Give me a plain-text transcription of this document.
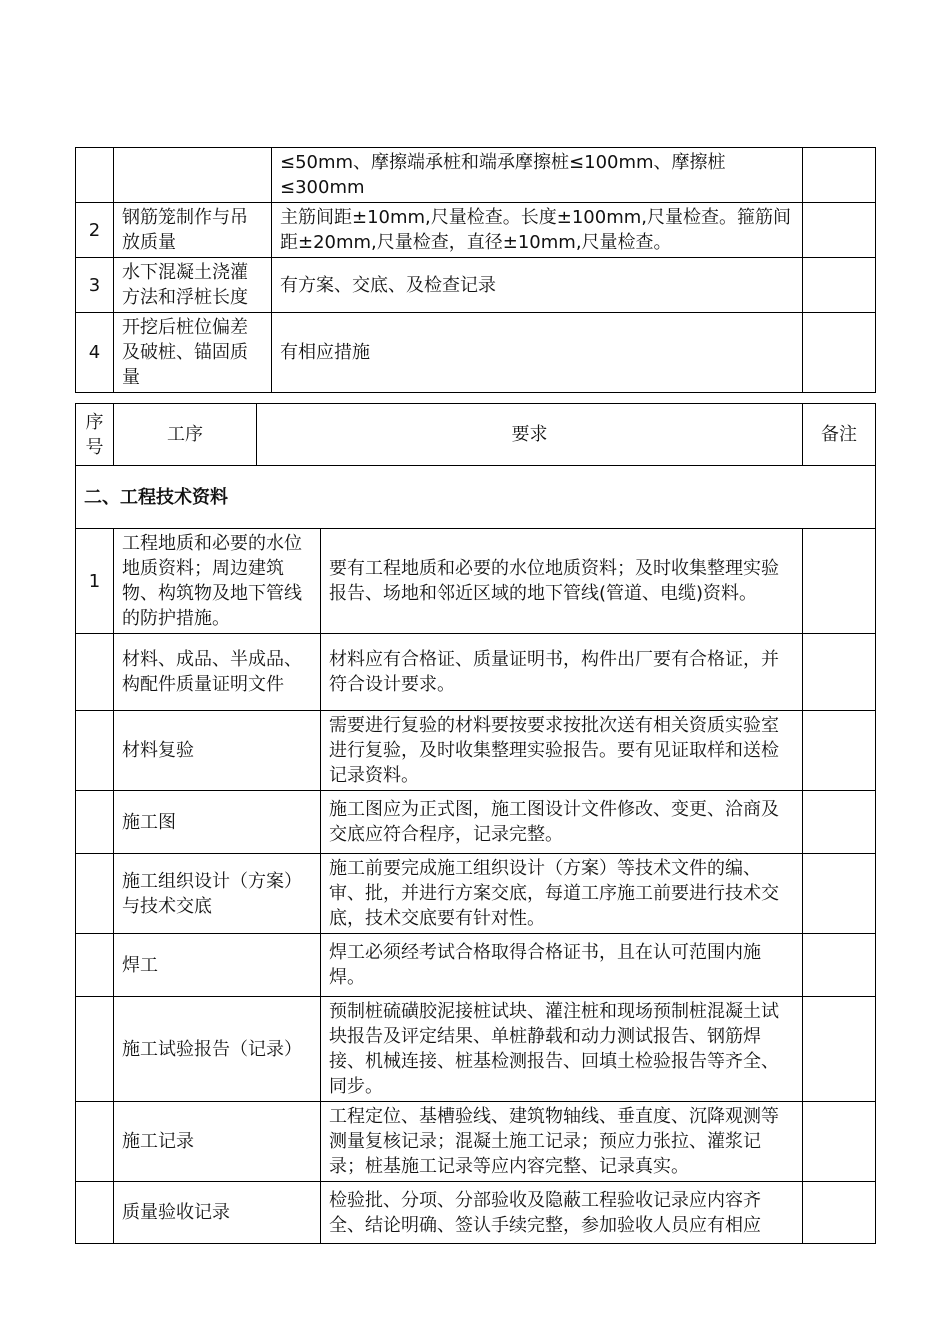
		≤50mm、摩擦端承桩和端承摩擦桩≤100mm、摩擦桩≤300mm	
2	钢筋笼制作与吊放质量	主筋间距±10mm,尺量检查。长度±100mm,尺量检查。箍筋间距±20mm,尺量检查，直径±10mm,尺量检查。	
3	水下混凝土浇灌方法和浮桩长度	有方案、交底、及检查记录	
4	开挖后桩位偏差及破桩、锚固质量	有相应措施	
序号	工序	要求	备注
二、工程技术资料
1	工程地质和必要的水位地质资料；周边建筑物、构筑物及地下管线的防护措施。	要有工程地质和必要的水位地质资料；及时收集整理实验报告、场地和邻近区域的地下管线(管道、电缆)资料。	
	材料、成品、半成品、构配件质量证明文件	材料应有合格证、质量证明书，构件出厂要有合格证，并符合设计要求。	
	材料复验	需要进行复验的材料要按要求按批次送有相关资质实验室进行复验，及时收集整理实验报告。要有见证取样和送检记录资料。	
	施工图	施工图应为正式图，施工图设计文件修改、变更、洽商及交底应符合程序，记录完整。	
	施工组织设计（方案）与技术交底	施工前要完成施工组织设计（方案）等技术文件的编、审、批，并进行方案交底，每道工序施工前要进行技术交底，技术交底要有针对性。	
	焊工	焊工必须经考试合格取得合格证书，且在认可范围内施焊。	
	施工试验报告（记录）	预制桩硫磺胶泥接桩试块、灌注桩和现场预制桩混凝土试块报告及评定结果、单桩静载和动力测试报告、钢筋焊接、机械连接、桩基检测报告、回填土检验报告等齐全、同步。	
	施工记录	工程定位、基槽验线、建筑物轴线、垂直度、沉降观测等测量复核记录；混凝土施工记录；预应力张拉、灌浆记录；桩基施工记录等应内容完整、记录真实。	
	质量验收记录	检验批、分项、分部验收及隐蔽工程验收记录应内容齐全、结论明确、签认手续完整，参加验收人员应有相应	
